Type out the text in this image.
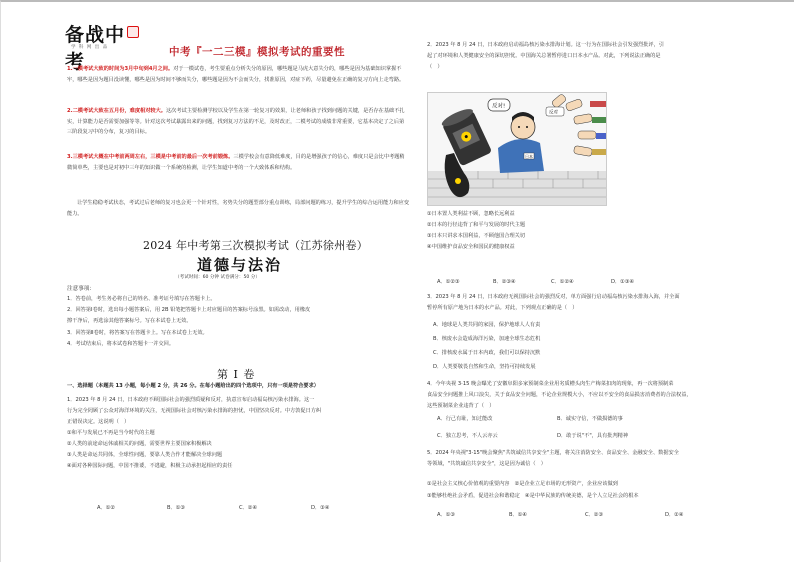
备战中考
学 科 网 出 品	中考『一二三模』模拟考试的重要性
1.一模考试大致的时间为3月中旬到4月之间。对于一模试卷，考生要重点分析失分的原因，哪些题是马虎大意失分的，哪些是因为基础知识掌握不牢，哪些是因为题目没读懂，哪些是因为时间不够而失分，哪些题是因为不会而失分，找准原因，对症下药，尽量避免在正确的复习方向上走弯路。
2.二模考试大致在五月份，难度相对较大。这次考试主要检测学校以及学生在第一轮复习的效果，让老师和孩子找到问题的关键，是否存在基础不扎实，计算能力是否需要加强等等。针对这次考试暴露出来的问题，找到复习方法的不足，及时改正，二模考试的成绩非常重要，它基本决定了之后第三阶段复习中的分布，复习的目标。
3.三模考试大概在中考前两周左右，三模是中考前的最后一次考前锻炼。三模学校会有意降低难度，目的是增强孩子的信心，难度只是会比中考题稍微简单些，主要也是对初中三年的知识做一个系统的检测，让学生知道中考的一个大致体系和结构。
让学生稳稳考试状态，考试过后老师的复习也会更一个针对性，劣势失分的题型部分重点训练，局部问题的练习，提升学生的综合运用能力和应变能力。
2024 年中考第三次模拟考试（江苏徐州卷）
道德与法治
（考试时间：60 分钟 试卷满分：50 分）
注意事项：
1．答卷前，考生务必将自己的姓名、准考证号填写在答题卡上。
2．回答第Ⅰ卷时，选出每小题答案后，用 2B 铅笔把答题卡上对应题目的答案标号涂黑。如需改动，用橡皮
擦干净后，再选涂其他答案标号。写在本试卷上无效。
3．回答第Ⅱ卷时，将答案写在答题卡上。写在本试卷上无效。
4．考试结束后，将本试卷和答题卡一并交回。
第 Ⅰ 卷
一、选择题（本题共 13 小题，每小题 2 分，共 26 分。在每小题给出的四个选项中，只有一项是符合要求）
1．2023 年 8 月 24 日，日本政府不顾国际社会的强烈质疑和反对，执意宣布启动福岛核污染水排海。这一
行为完全罔顾了公众对海洋环境的关注，无视国际社会对核污染水排海的担忧，中国坚决反对。中方敦促日方纠
正错误决定。这说明（　）
①和平与发展已不再是当今时代的主题
②人类的前途命运休戚相关的问题，需要世界主要国家积极解决
③人类是命运共同体，全球性问题，要靠人类合作才能解决全球问题
④面对各种国际问题，中国不推诿，不逃避，积极主动承担起相应的责任
A．①②	B．①③	C．②④	D．③④
2．2023 年 8 月 24 日，日本政府启动福岛核污染水排海计划。这一行为在国际社会引发强烈批评，引
起了对环境和人类健康安全的深切担忧。中国海关总署暂停进口日本水产品。对此，下列说法正确的是
（　）
日本
反对!
反对
①日本置人类利益不顾，忽略长远利益
②日本的行径违背了和平与发展的时代主题
③日本只讲求本国利益，不顾他国合理关切
④中国维护食品安全和国民的健康权益
A．①②③	B．②③④	C．①②④	D．①③④
3．2023 年 8 月 24 日，日本政府无视国际社会的强烈反对，单方面强行启动福岛核污染水排海入海，并全面
暂停所有原产地为日本的水产品。对此，下列观点正确的是（　）
A．地球是人类共同的家园，保护地球人人有责
B．核废水会造成海洋污染，加速全球生态危机
C．排核废水属于日本内政，我们可以保持沉默
D．人类要敬畏自然和生命，坚持可持续发展
4．今年央视 3·15 晚会曝光了安徽阜阳多家预制菜企业用劣质槽头肉生产梅菜扣肉的现象，再一次将预制菜
食品安全问题推上风口浪尖，关于食品安全问题，不论企业规模大小，不应以不安全的食品损害消费者的合法权益，
这些预制菜企业违背了（　）
A．行己有耻，知过能改	B．诚实守信，不做损德的事
C．独立思考，不人云亦云	D．敢于说"不"，具有批判精神
5．2024 年央视"3·15"晚会聚焦"共筑诚信共享安全"主题，将关注消防安全、食品安全、金融安全、数据安全
等领域，"共筑诚信共享安全"，这是因为诚信（　）
①是社会主义核心价值观的重要内容　②是企业立足市场的无形资产，企业应该做到
③能够杜绝社会矛盾，促进社会和谐稳定　④是中华民族的传统美德，是个人立足社会的根本
A．①③	B．①④	C．②③	D．②④
